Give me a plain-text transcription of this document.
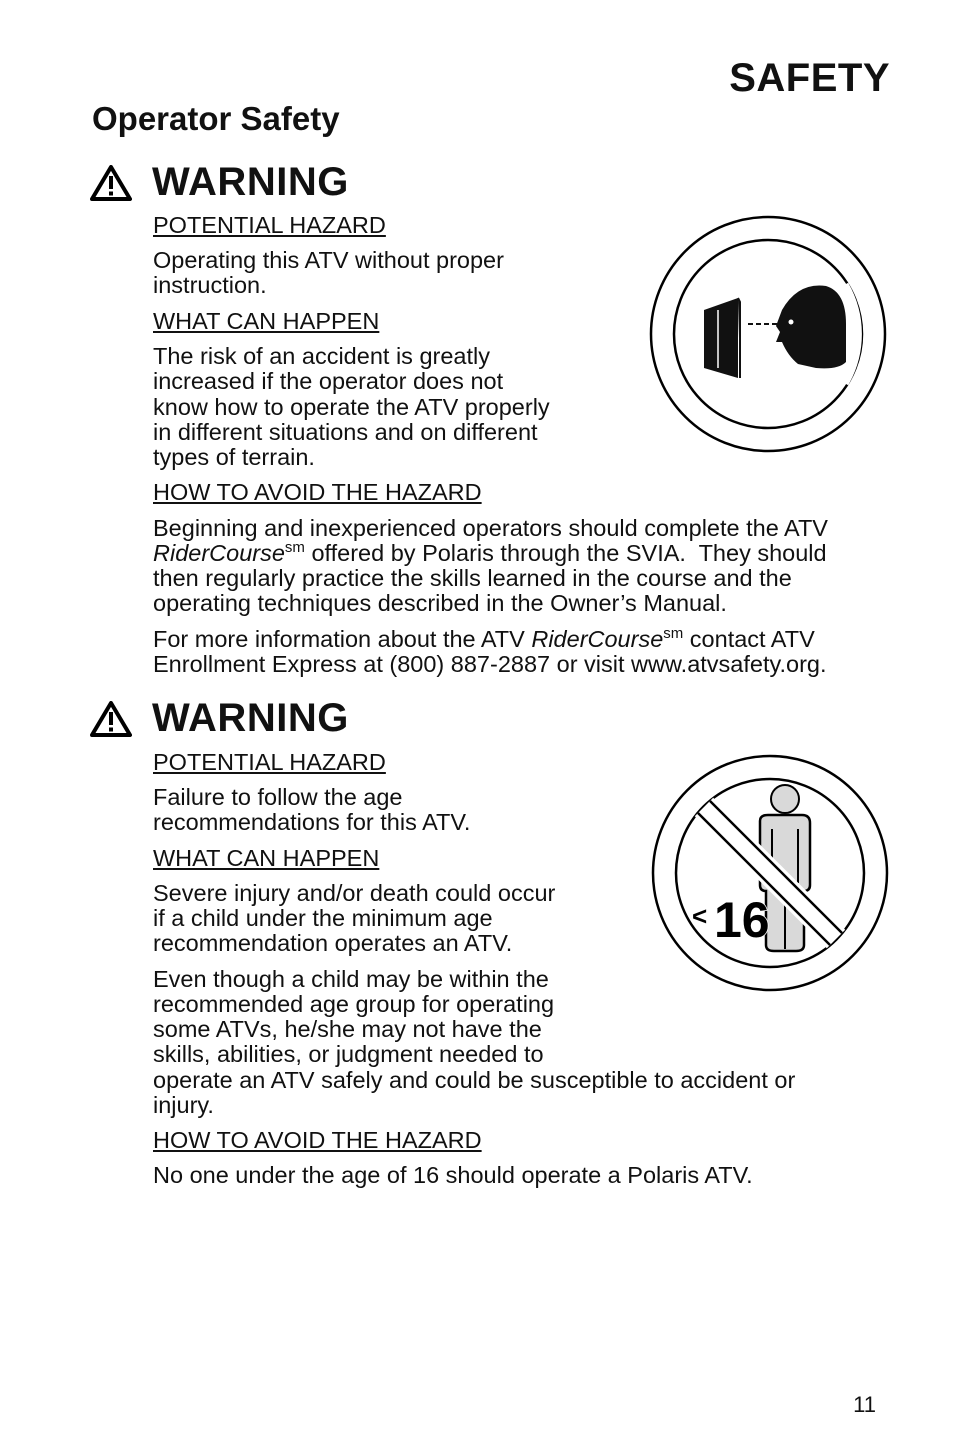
SAFETY
Operator Safety
WARNING

POTENTIAL HAZARD

Operating this ATV without proper

instruction.

WHAT CAN HAPPEN

The risk of an accident is greatly

increased if the operator does not

know how to operate the ATV properly

in different situations and on different

types of terrain.

HOW TO AVOID THE HAZARD

Beginning and inexperienced operators should complete the ATV

RiderCourse$^{sm}$ offered by Polaris through the SVIA.  They should

then regularly practice the skills learned in the course and the

operating techniques described in the Owner’s Manual.

For more information about the ATV RiderCourse$^{sm}$ contact ATV

Enrollment Express at (800) 887-2887 or visit www.atvsafety.org.

WARNING

POTENTIAL HAZARD

Failure to follow the age

recommendations for this ATV.

WHAT CAN HAPPEN

Severe injury and/or death could occur

if a child under the minimum age

recommendation operates an ATV.

Even though a child may be within the

recommended age group for operating

some ATVs, he/she may not have the

skills, abilities, or judgment needed to

operate an ATV safely and could be susceptible to accident or

injury.

HOW TO AVOID THE HAZARD

No one under the age of 16 should operate a Polaris ATV.

< 16
11
